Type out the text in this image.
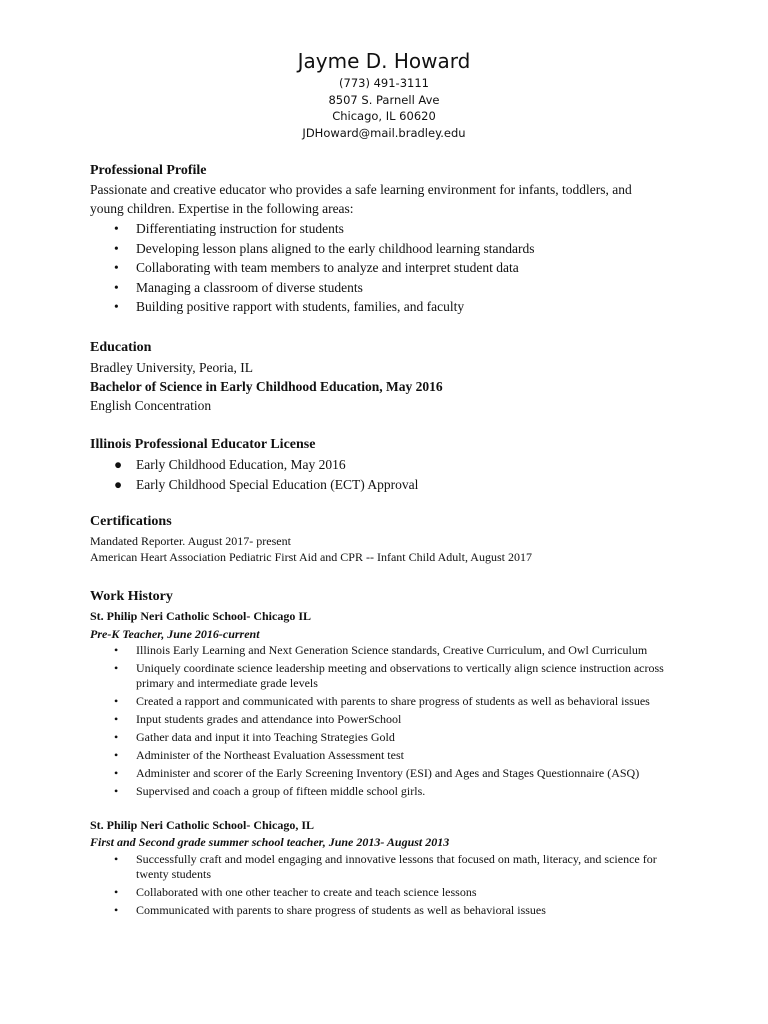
Jayme D. Howard
(773) 491-3111
8507 S. Parnell Ave
Chicago, IL 60620
JDHoward@mail.bradley.edu
Professional Profile
Passionate and creative educator who provides a safe learning environment for infants, toddlers, and
young children. Expertise in the following areas:
• Differentiating instruction for students
• Developing lesson plans aligned to the early childhood learning standards
• Collaborating with team members to analyze and interpret student data
• Managing a classroom of diverse students
• Building positive rapport with students, families, and faculty
Education
Bradley University, Peoria, IL
Bachelor of Science in Early Childhood Education, May 2016
English Concentration
Illinois Professional Educator License
● Early Childhood Education, May 2016
● Early Childhood Special Education (ECT) Approval
Certifications
Mandated Reporter. August 2017- present
American Heart Association Pediatric First Aid and CPR -- Infant Child Adult, August 2017
Work History
St. Philip Neri Catholic School- Chicago IL
Pre-K Teacher, June 2016-current
• Illinois Early Learning and Next Generation Science standards, Creative Curriculum, and Owl Curriculum
• Uniquely coordinate science leadership meeting and observations to vertically align science instruction across primary and intermediate grade levels
• Created a rapport and communicated with parents to share progress of students as well as behavioral issues
• Input students grades and attendance into PowerSchool
• Gather data and input it into Teaching Strategies Gold
• Administer of the Northeast Evaluation Assessment test
• Administer and scorer of the Early Screening Inventory (ESI) and Ages and Stages Questionnaire (ASQ)
• Supervised and coach a group of fifteen middle school girls.
St. Philip Neri Catholic School- Chicago, IL
First and Second grade summer school teacher, June 2013- August 2013
• Successfully craft and model engaging and innovative lessons that focused on math, literacy, and science for twenty students
• Collaborated with one other teacher to create and teach science lessons
• Communicated with parents to share progress of students as well as behavioral issues
